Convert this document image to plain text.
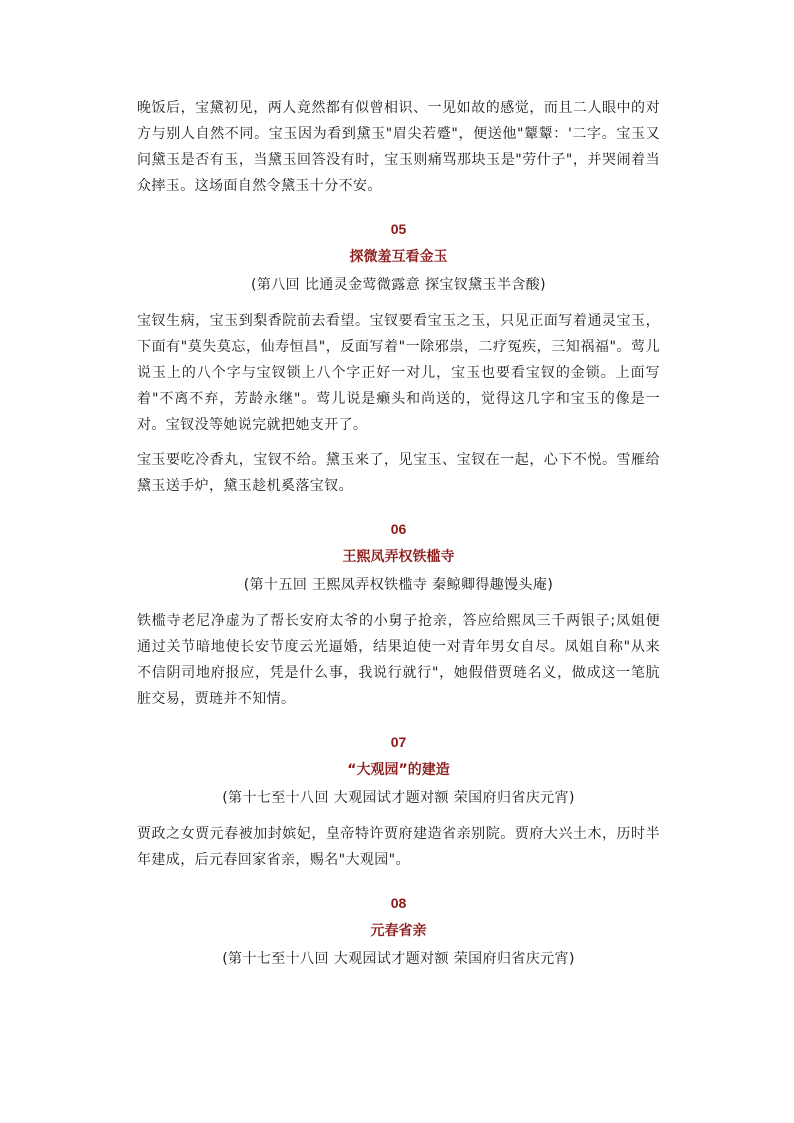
晚饭后，宝黛初见，两人竟然都有似曾相识、一见如故的感觉，而且二人眼中的对方与别人自然不同。宝玉因为看到黛玉"眉尖若蹙"，便送他"颦颦：'二字。宝玉又问黛玉是否有玉，当黛玉回答没有时，宝玉则痛骂那块玉是"劳什子"，并哭闹着当众摔玉。这场面自然令黛玉十分不安。

05
探微羞互看金玉
(第八回 比通灵金莺微露意 探宝钗黛玉半含酸)

宝钗生病，宝玉到梨香院前去看望。宝钗要看宝玉之玉，只见正面写着通灵宝玉，下面有"莫失莫忘，仙寿恒昌"，反面写着"一除邪祟，二疗冤疾，三知祸福"。莺儿说玉上的八个字与宝钗锁上八个字正好一对儿，宝玉也要看宝钗的金锁。上面写着"不离不弃，芳龄永继"。莺儿说是癞头和尚送的，觉得这几字和宝玉的像是一对。宝钗没等她说完就把她支开了。

宝玉要吃冷香丸，宝钗不给。黛玉来了，见宝玉、宝钗在一起，心下不悦。雪雁给黛玉送手炉，黛玉趁机奚落宝钗。

06
王熙凤弄权铁槛寺
(第十五回 王熙凤弄权铁槛寺 秦鲸卿得趣馒头庵)

铁槛寺老尼净虚为了帮长安府太爷的小舅子抢亲，答应给熙凤三千两银子;凤姐便通过关节暗地使长安节度云光逼婚，结果迫使一对青年男女自尽。凤姐自称"从来不信阴司地府报应，凭是什么事，我说行就行"，她假借贾琏名义，做成这一笔肮脏交易，贾琏并不知情。

07
“大观园”的建造
(第十七至十八回 大观园试才题对额 荣国府归省庆元宵)

贾政之女贾元春被加封嫔妃，皇帝特许贾府建造省亲别院。贾府大兴土木，历时半年建成，后元春回家省亲，赐名"大观园"。

08
元春省亲
(第十七至十八回 大观园试才题对额 荣国府归省庆元宵)
